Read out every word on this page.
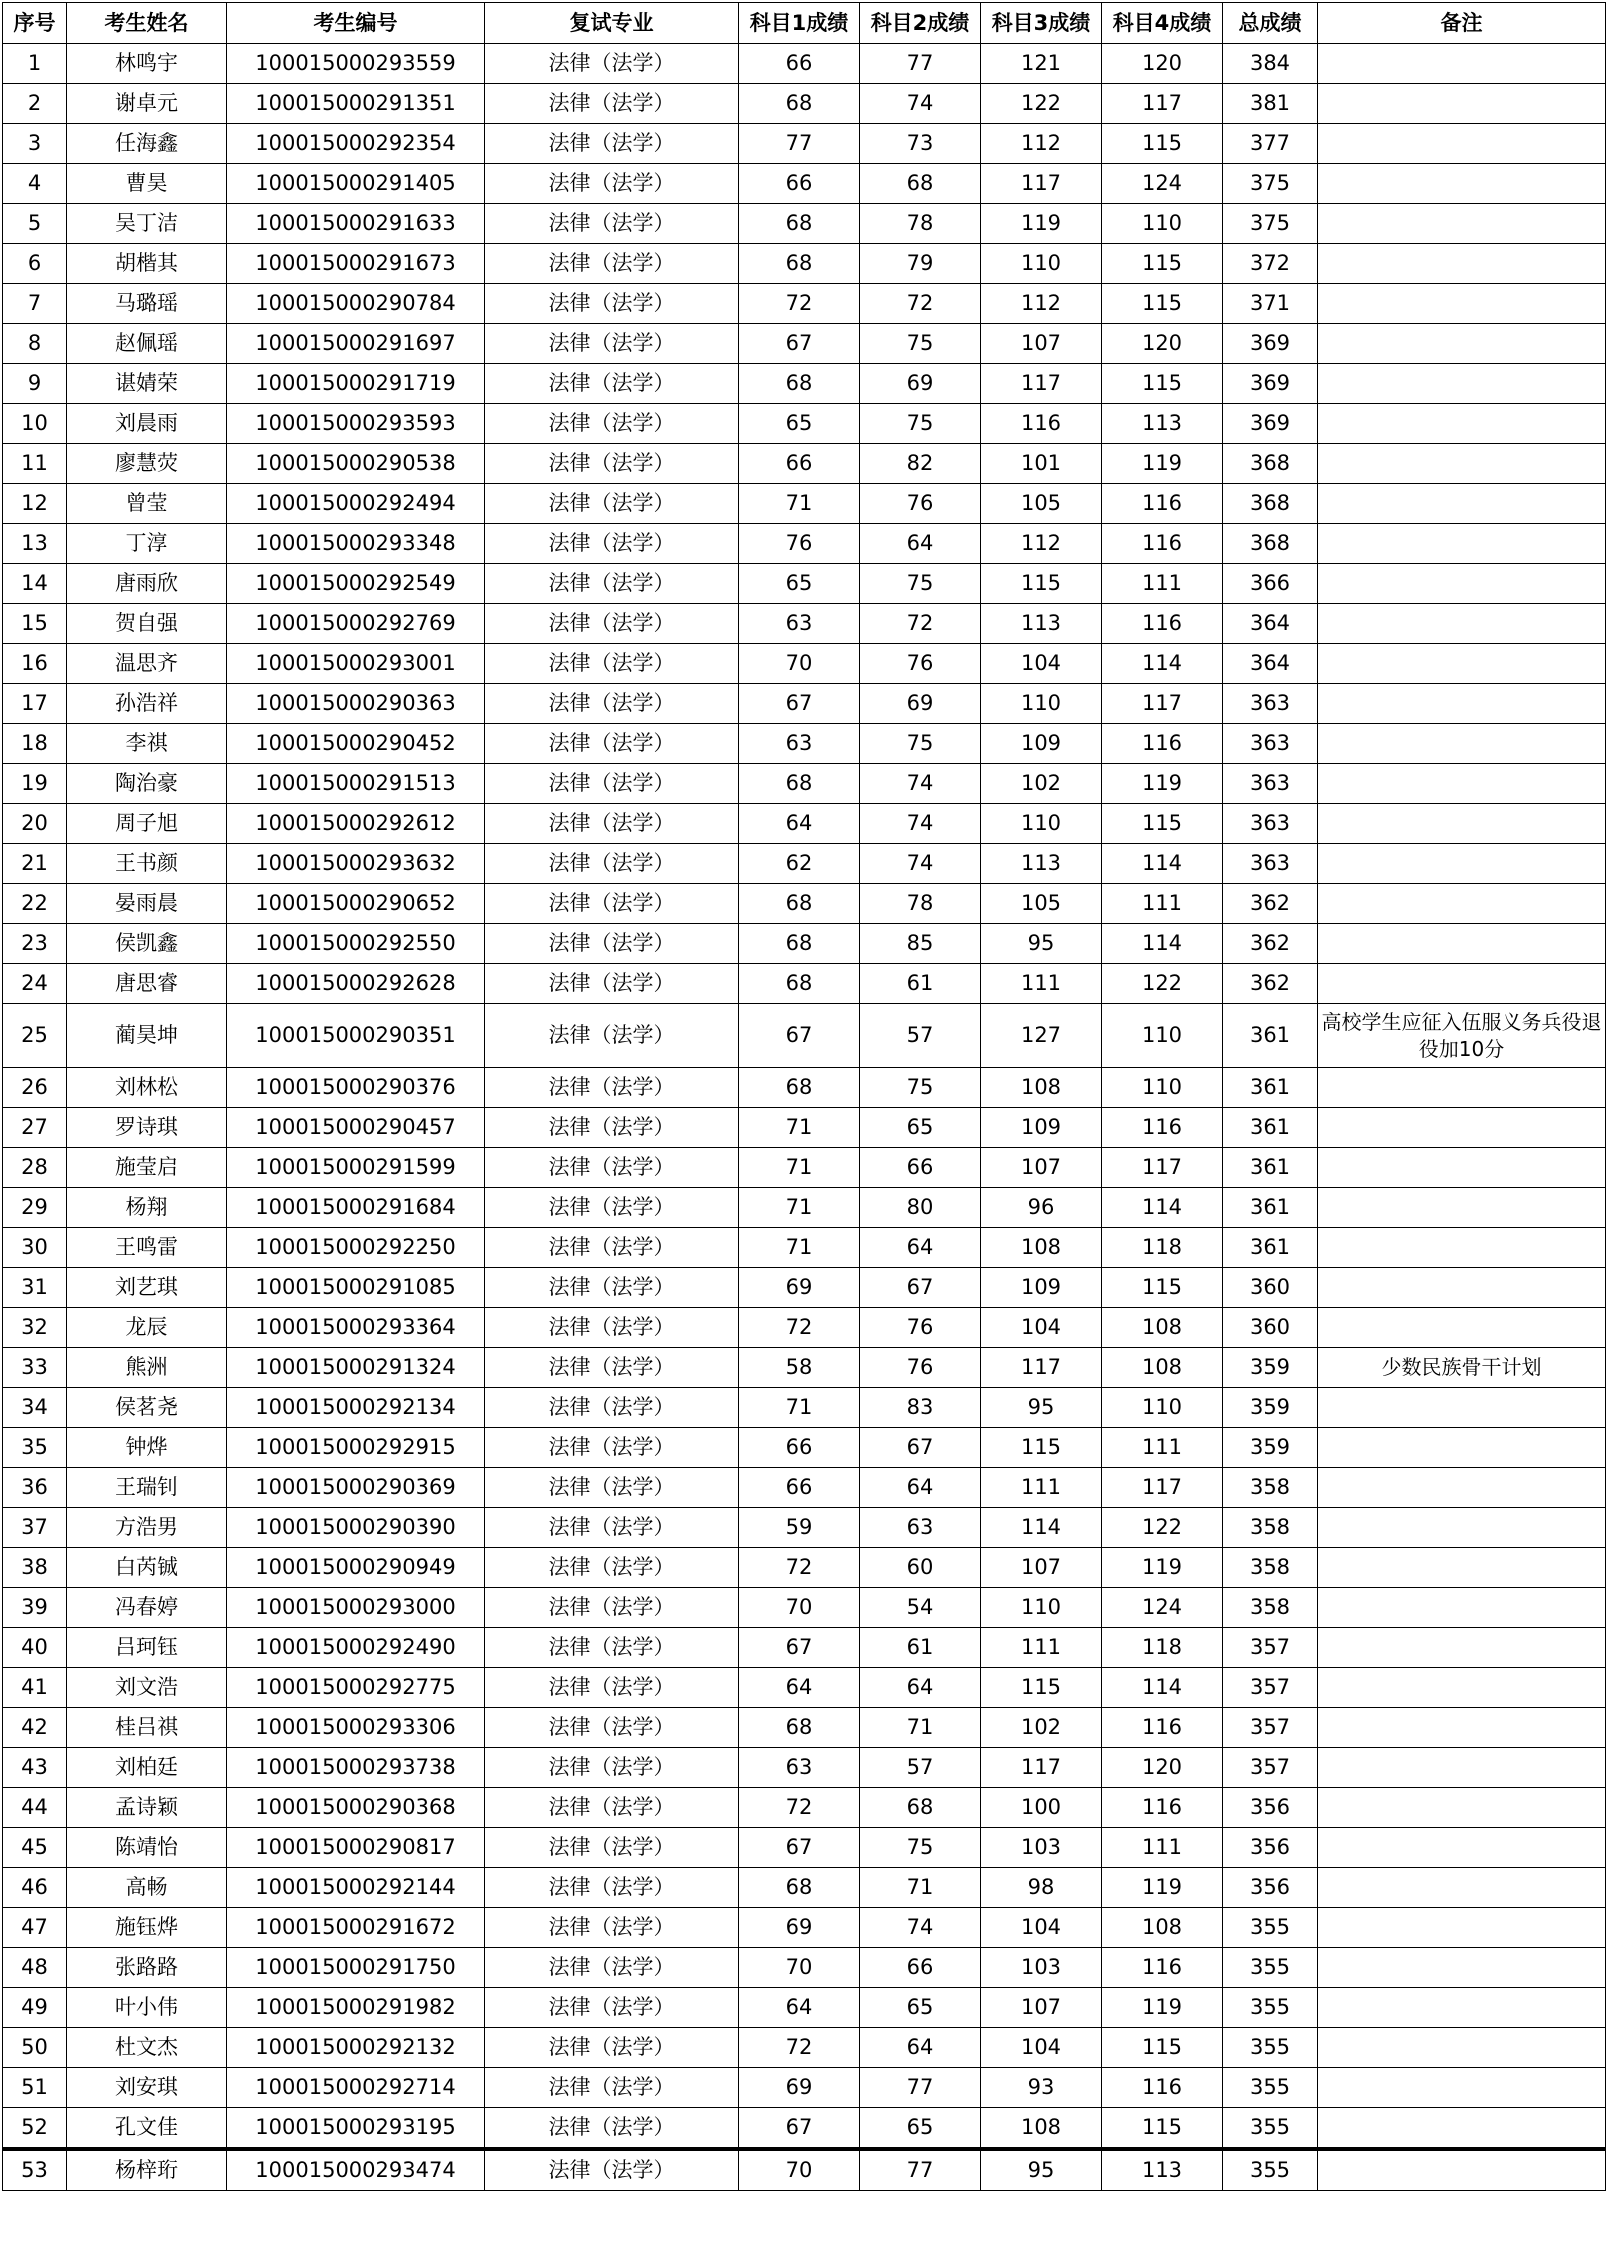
序号	考生姓名	考生编号	复试专业	科目1成绩	科目2成绩	科目3成绩	科目4成绩	总成绩	备注
1	林鸣宇	100015000293559	法律（法学）	66	77	121	120	384	
2	谢卓元	100015000291351	法律（法学）	68	74	122	117	381	
3	任海鑫	100015000292354	法律（法学）	77	73	112	115	377	
4	曹昊	100015000291405	法律（法学）	66	68	117	124	375	
5	吴丁洁	100015000291633	法律（法学）	68	78	119	110	375	
6	胡楷其	100015000291673	法律（法学）	68	79	110	115	372	
7	马璐瑶	100015000290784	法律（法学）	72	72	112	115	371	
8	赵佩瑶	100015000291697	法律（法学）	67	75	107	120	369	
9	谌婧荣	100015000291719	法律（法学）	68	69	117	115	369	
10	刘晨雨	100015000293593	法律（法学）	65	75	116	113	369	
11	廖慧荧	100015000290538	法律（法学）	66	82	101	119	368	
12	曾莹	100015000292494	法律（法学）	71	76	105	116	368	
13	丁淳	100015000293348	法律（法学）	76	64	112	116	368	
14	唐雨欣	100015000292549	法律（法学）	65	75	115	111	366	
15	贺自强	100015000292769	法律（法学）	63	72	113	116	364	
16	温思齐	100015000293001	法律（法学）	70	76	104	114	364	
17	孙浩祥	100015000290363	法律（法学）	67	69	110	117	363	
18	李祺	100015000290452	法律（法学）	63	75	109	116	363	
19	陶治豪	100015000291513	法律（法学）	68	74	102	119	363	
20	周子旭	100015000292612	法律（法学）	64	74	110	115	363	
21	王书颜	100015000293632	法律（法学）	62	74	113	114	363	
22	晏雨晨	100015000290652	法律（法学）	68	78	105	111	362	
23	侯凯鑫	100015000292550	法律（法学）	68	85	95	114	362	
24	唐思睿	100015000292628	法律（法学）	68	61	111	122	362	
25	蔺昊坤	100015000290351	法律（法学）	67	57	127	110	361	高校学生应征入伍服义务兵役退役加10分
26	刘林松	100015000290376	法律（法学）	68	75	108	110	361	
27	罗诗琪	100015000290457	法律（法学）	71	65	109	116	361	
28	施莹启	100015000291599	法律（法学）	71	66	107	117	361	
29	杨翔	100015000291684	法律（法学）	71	80	96	114	361	
30	王鸣雷	100015000292250	法律（法学）	71	64	108	118	361	
31	刘艺琪	100015000291085	法律（法学）	69	67	109	115	360	
32	龙辰	100015000293364	法律（法学）	72	76	104	108	360	
33	熊洲	100015000291324	法律（法学）	58	76	117	108	359	少数民族骨干计划
34	侯茗尧	100015000292134	法律（法学）	71	83	95	110	359	
35	钟烨	100015000292915	法律（法学）	66	67	115	111	359	
36	王瑞钊	100015000290369	法律（法学）	66	64	111	117	358	
37	方浩男	100015000290390	法律（法学）	59	63	114	122	358	
38	白芮铖	100015000290949	法律（法学）	72	60	107	119	358	
39	冯春婷	100015000293000	法律（法学）	70	54	110	124	358	
40	吕珂钰	100015000292490	法律（法学）	67	61	111	118	357	
41	刘文浩	100015000292775	法律（法学）	64	64	115	114	357	
42	桂吕祺	100015000293306	法律（法学）	68	71	102	116	357	
43	刘柏廷	100015000293738	法律（法学）	63	57	117	120	357	
44	孟诗颖	100015000290368	法律（法学）	72	68	100	116	356	
45	陈靖怡	100015000290817	法律（法学）	67	75	103	111	356	
46	高畅	100015000292144	法律（法学）	68	71	98	119	356	
47	施钰烨	100015000291672	法律（法学）	69	74	104	108	355	
48	张路路	100015000291750	法律（法学）	70	66	103	116	355	
49	叶小伟	100015000291982	法律（法学）	64	65	107	119	355	
50	杜文杰	100015000292132	法律（法学）	72	64	104	115	355	
51	刘安琪	100015000292714	法律（法学）	69	77	93	116	355	
52	孔文佳	100015000293195	法律（法学）	67	65	108	115	355	
53	杨梓珩	100015000293474	法律（法学）	70	77	95	113	355	
